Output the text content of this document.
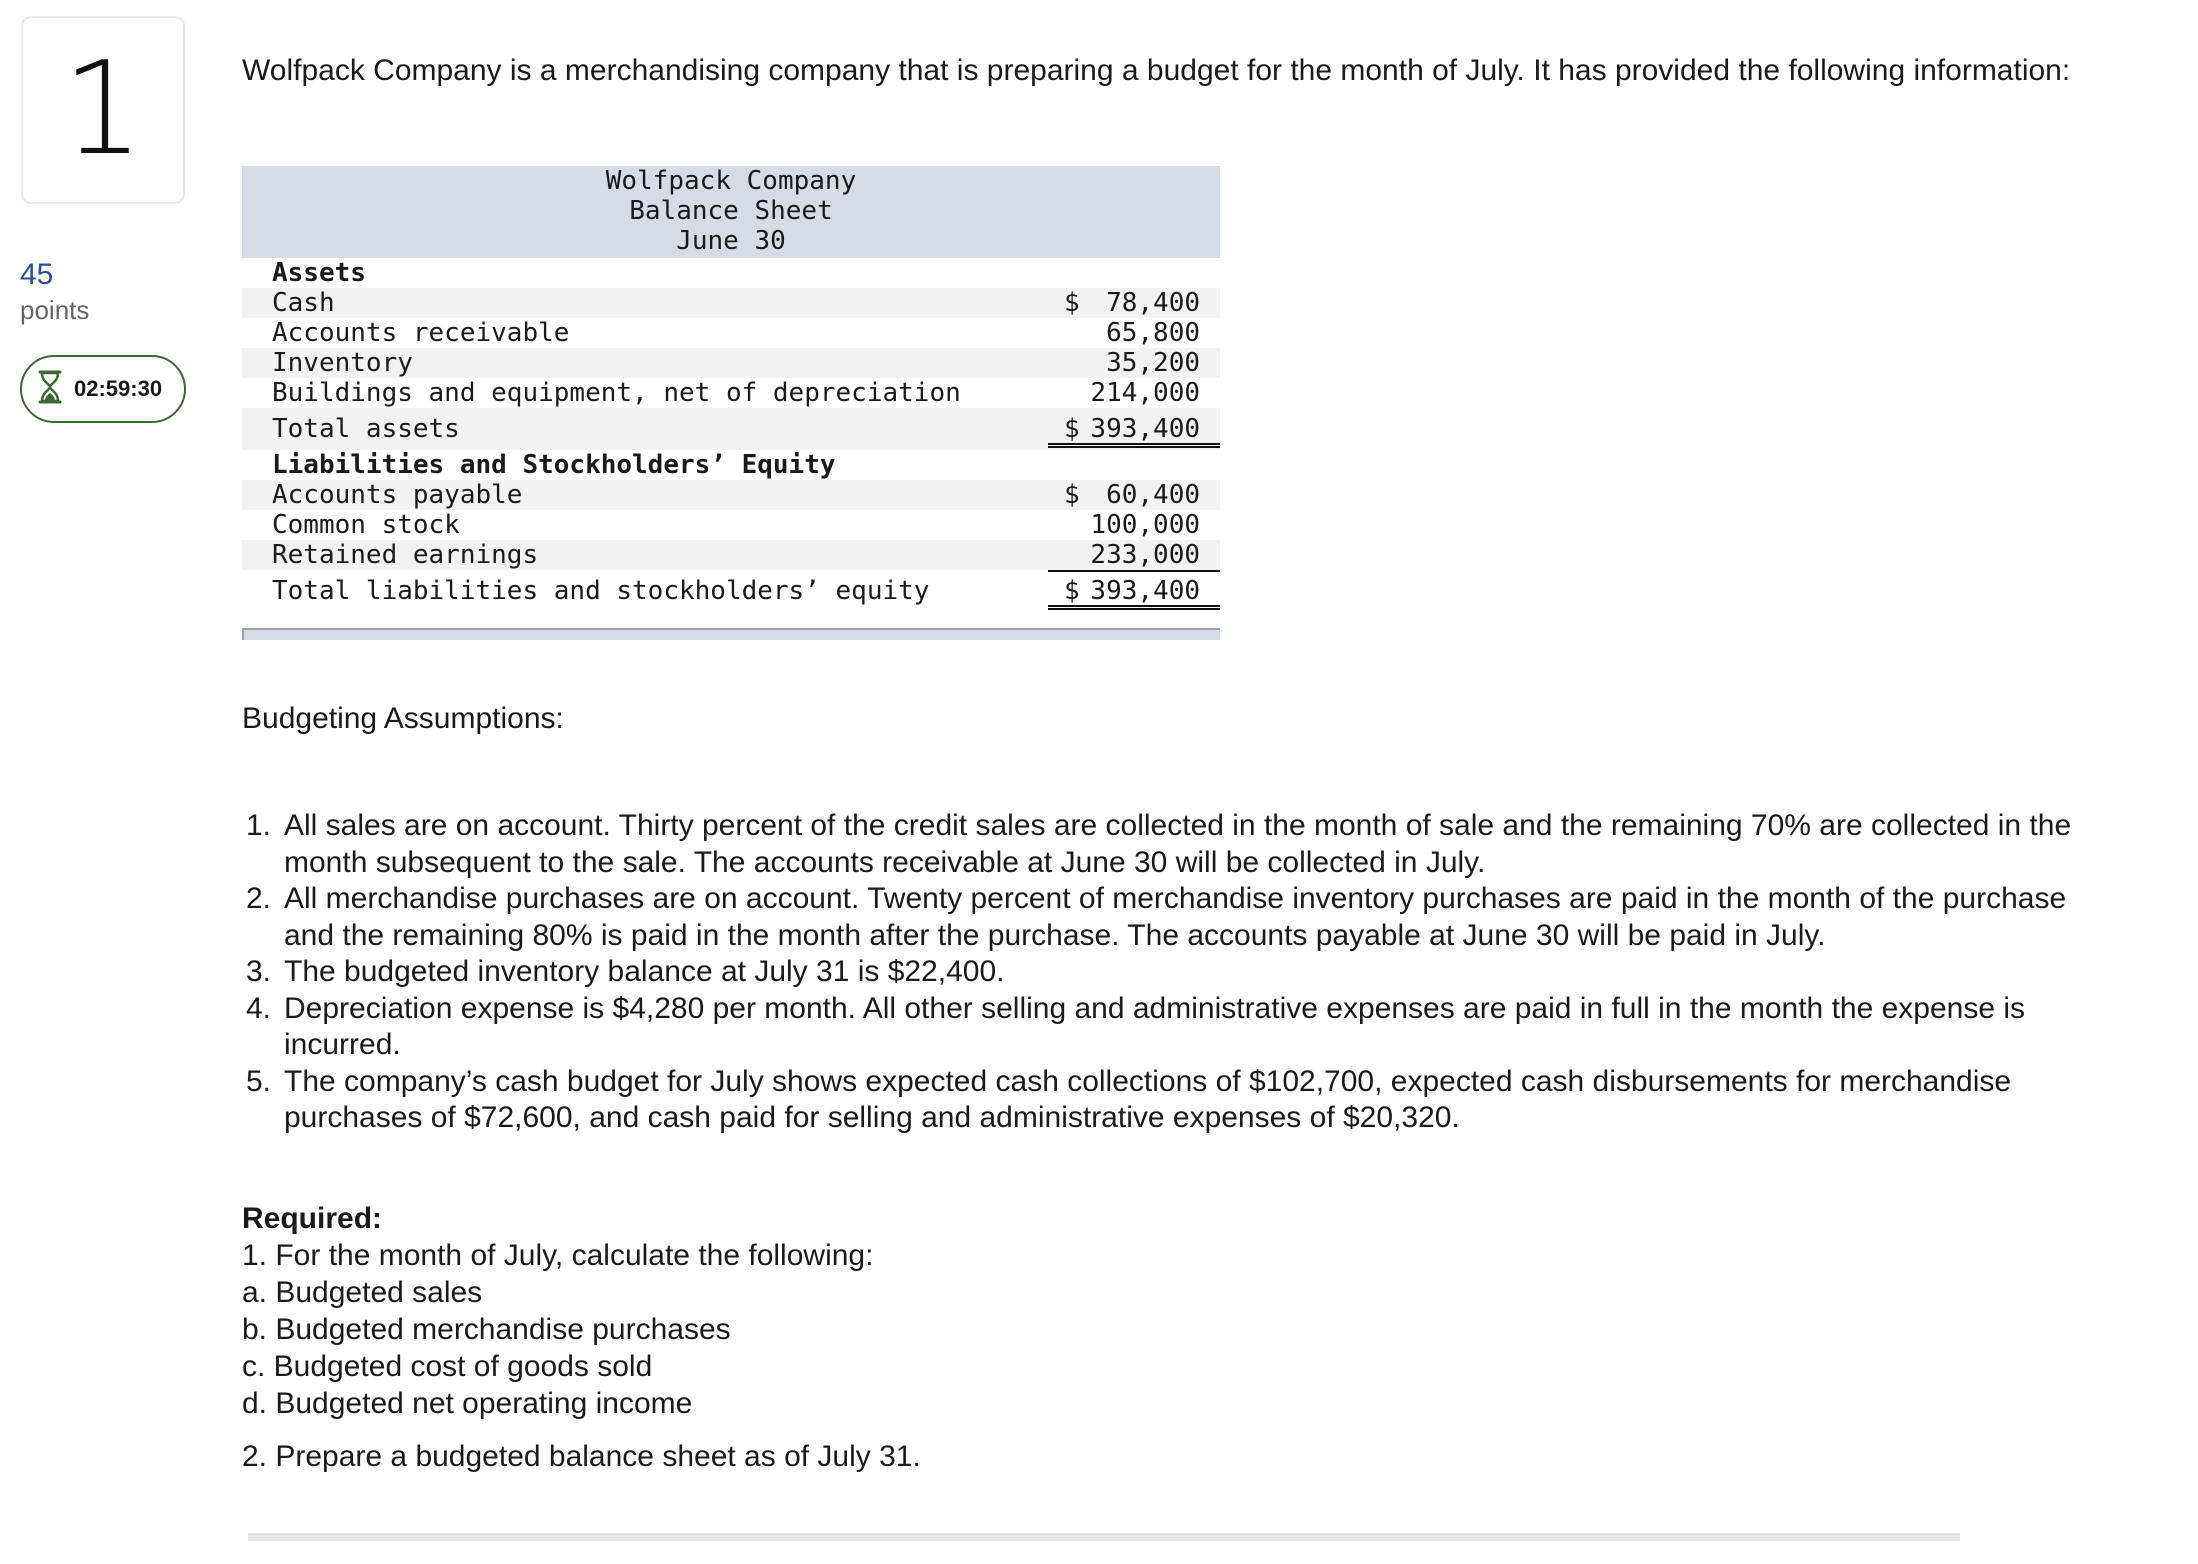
1
45
points
02:59:30
Wolfpack Company is a merchandising company that is preparing a budget for the month of July. It has provided the following information:
Wolfpack Company
Balance Sheet
June 30
Assets
Cash	$ 78,400
Accounts receivable	65,800
Inventory	35,200
Buildings and equipment, net of depreciation	214,000
Total assets	$ 393,400
Liabilities and Stockholders’ Equity
Accounts payable	$ 60,400
Common stock	100,000
Retained earnings	233,000
Total liabilities and stockholders’ equity	$ 393,400
Budgeting Assumptions:
1. All sales are on account. Thirty percent of the credit sales are collected in the month of sale and the remaining 70% are collected in the month subsequent to the sale. The accounts receivable at June 30 will be collected in July.
2. All merchandise purchases are on account. Twenty percent of merchandise inventory purchases are paid in the month of the purchase and the remaining 80% is paid in the month after the purchase. The accounts payable at June 30 will be paid in July.
3. The budgeted inventory balance at July 31 is $22,400.
4. Depreciation expense is $4,280 per month. All other selling and administrative expenses are paid in full in the month the expense is incurred.
5. The company’s cash budget for July shows expected cash collections of $102,700, expected cash disbursements for merchandise purchases of $72,600, and cash paid for selling and administrative expenses of $20,320.
Required:
1. For the month of July, calculate the following:
a. Budgeted sales
b. Budgeted merchandise purchases
c. Budgeted cost of goods sold
d. Budgeted net operating income
2. Prepare a budgeted balance sheet as of July 31.
